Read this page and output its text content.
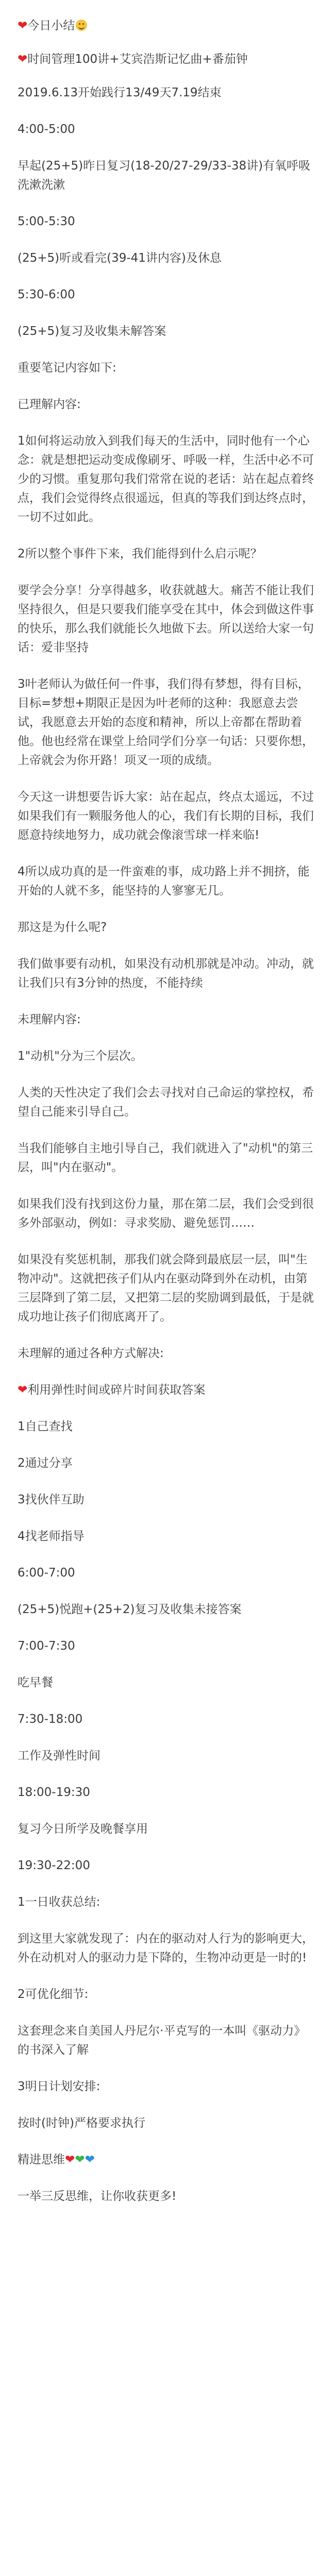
❤今日小结

❤时间管理100讲+艾宾浩斯记忆曲+番茄钟

2019.6.13开始践行13/49天7.19结束

4:00-5:00

早起(25+5)昨日复习(18-20/27-29/33-38讲)有氧呼吸洗漱洗漱

5:00-5:30

(25+5)听或看完(39-41讲内容)及休息

5:30-6:00

(25+5)复习及收集未解答案

重要笔记内容如下:

已理解内容:

1如何将运动放入到我们每天的生活中，同时他有一个心念：就是想把运动变成像刷牙、呼吸一样，生活中必不可少的习惯。重复那句我们常常在说的老话：站在起点着终点，我们会觉得终点很遥远，但真的等我们到达终点时，一切不过如此。

2所以整个事件下来，我们能得到什么启示呢？

要学会分享！分享得越多，收获就越大。痛苦不能让我们坚持很久，但是只要我们能享受在其中，体会到做这件事的快乐，那么我们就能长久地做下去。所以送给大家一句话：爱非坚持

3叶老师认为做任何一件事，我们得有梦想，得有目标，目标=梦想+期限正是因为叶老师的这种：我愿意去尝试，我愿意去开始的态度和精神，所以上帝都在帮助着他。他也经常在课堂上给同学们分享一句话：只要你想，上帝就会为你开路！项叉一项的成绩。

今天这一讲想要告诉大家：站在起点，终点太遥远，不过如果我们有一颗服务他人的心，我们有长期的目标，我们愿意持续地努力，成功就会像滚雪球一样来临!

4所以成功真的是一件蛮难的事，成功路上并不拥挤，能开始的人就不多，能坚持的人寥寥无几。

那这是为什么呢?

我们做事要有动机，如果没有动机那就是冲动。冲动，就让我们只有3分钟的热度，不能持续

未理解内容:

1"动机"分为三个层次。

人类的天性决定了我们会去寻找对自己命运的掌控权，希望自己能来引导自己。

当我们能够自主地引导自己，我们就进入了"动机"的第三层，叫"内在驱动"。

如果我们没有找到这份力量，那在第二层，我们会受到很多外部驱动，例如：寻求奖励、避免惩罚……

如果没有奖惩机制，那我们就会降到最底层一层，叫"生物冲动"。这就把孩子们从内在驱动降到外在动机，由第三层降到了第二层，又把第二层的奖励调到最低，于是就成功地让孩子们彻底离开了。

未理解的通过各种方式解决:

❤利用弹性时间或碎片时间获取答案

1自己查找

2通过分享

3找伙伴互助

4找老师指导

6:00-7:00

(25+5)悦跑+(25+2)复习及收集未接答案

7:00-7:30

吃早餐

7:30-18:00

工作及弹性时间

18:00-19:30

复习今日所学及晚餐享用

19:30-22:00

1一日收获总结:

到这里大家就发现了：内在的驱动对人行为的影响更大，外在动机对人的驱动力是下降的，生物冲动更是一时的!

2可优化细节:

这套理念来自美国人丹尼尔·平克写的一本叫《驱动力》的书深入了解

3明日计划安排:

按时(时钟)严格要求执行

精进思维❤❤❤

一举三反思维，让你收获更多!
